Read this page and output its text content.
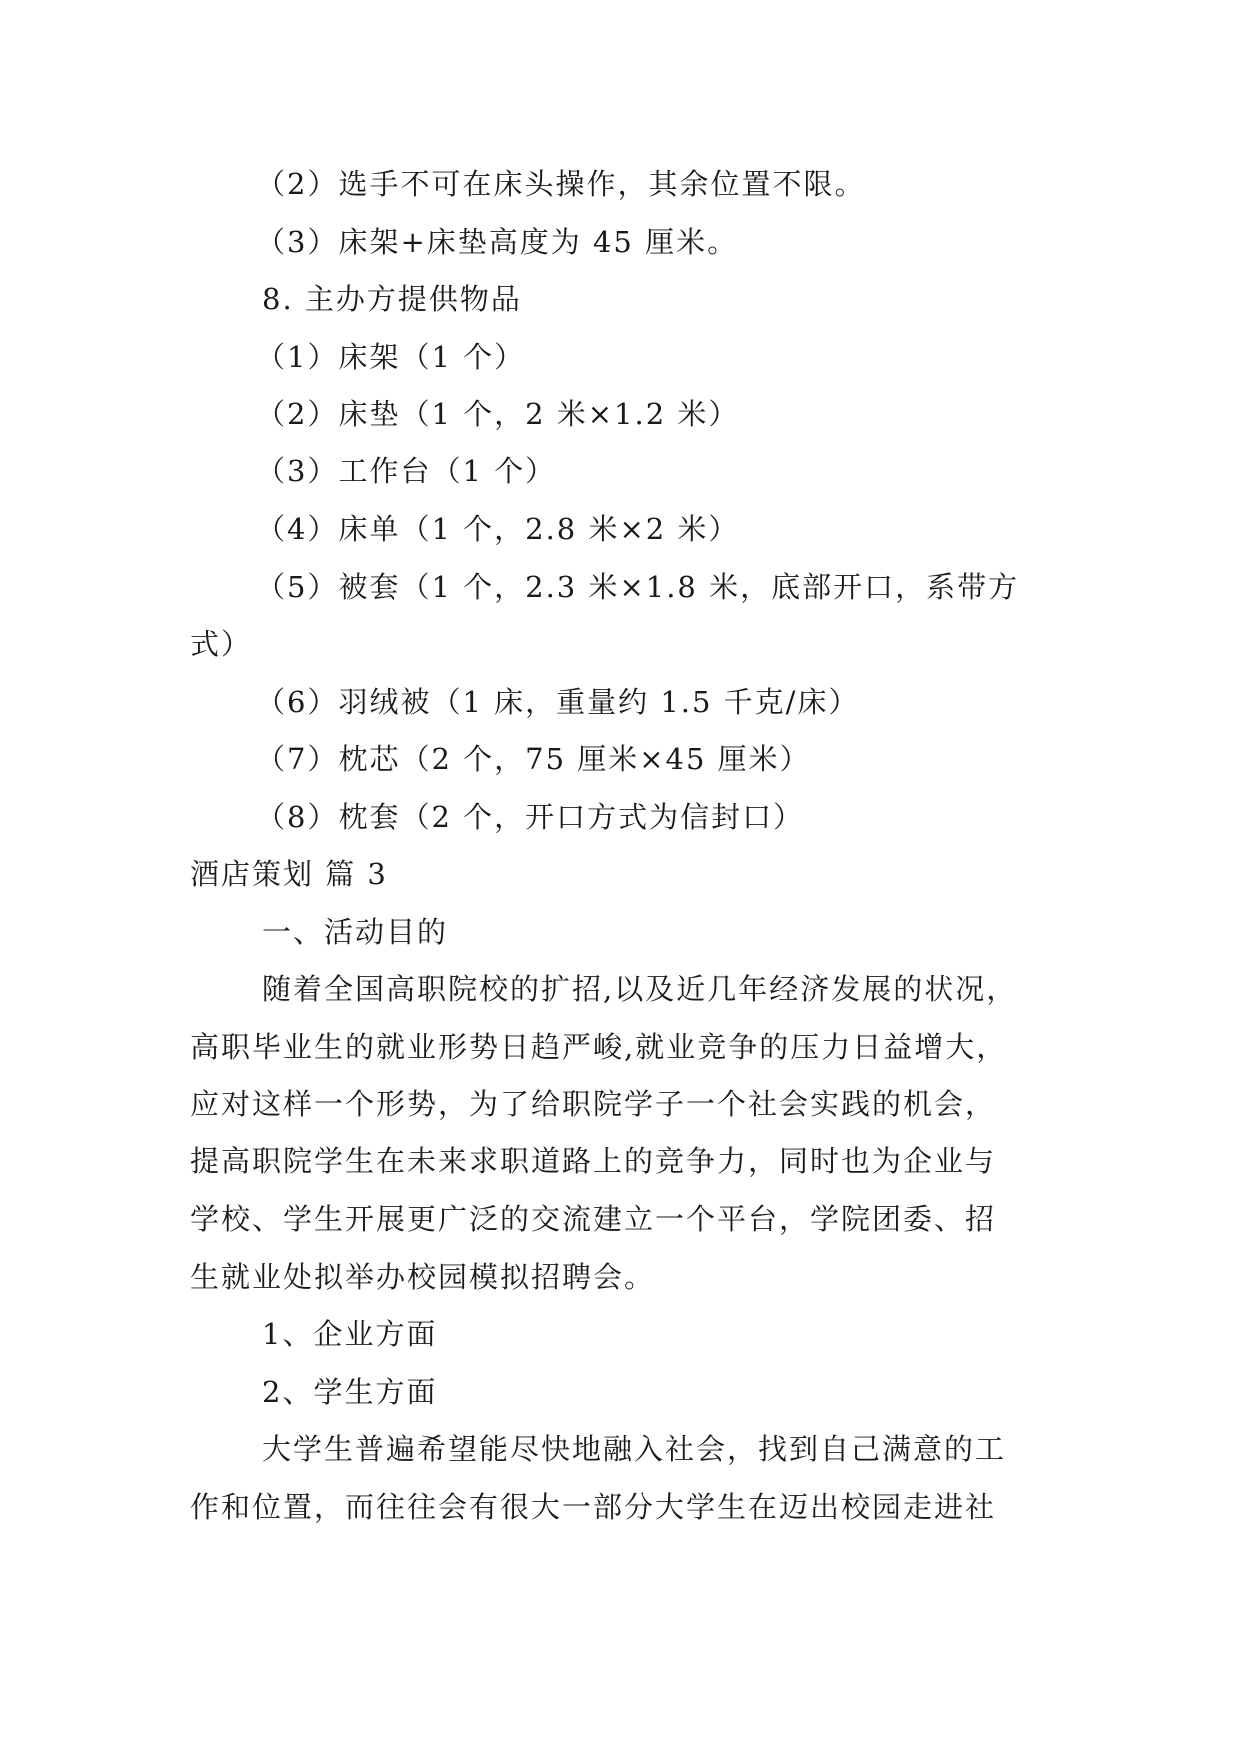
（2）选手不可在床头操作，其余位置不限。
（3）床架+床垫高度为 45 厘米。
8. 主办方提供物品
（1）床架（1 个）
（2）床垫（1 个，2 米×1.2 米）
（3）工作台（1 个）
（4）床单（1 个，2.8 米×2 米）
（5）被套（1 个，2.3 米×1.8 米，底部开口，系带方
式）
（6）羽绒被（1 床，重量约 1.5 千克/床）
（7）枕芯（2 个，75 厘米×45 厘米）
（8）枕套（2 个，开口方式为信封口）
酒店策划 篇 3
一、活动目的
随着全国高职院校的扩招,以及近几年经济发展的状况，
高职毕业生的就业形势日趋严峻,就业竞争的压力日益增大，
应对这样一个形势，为了给职院学子一个社会实践的机会，
提高职院学生在未来求职道路上的竞争力，同时也为企业与
学校、学生开展更广泛的交流建立一个平台，学院团委、招
生就业处拟举办校园模拟招聘会。
1、企业方面
2、学生方面
大学生普遍希望能尽快地融入社会，找到自己满意的工
作和位置，而往往会有很大一部分大学生在迈出校园走进社
